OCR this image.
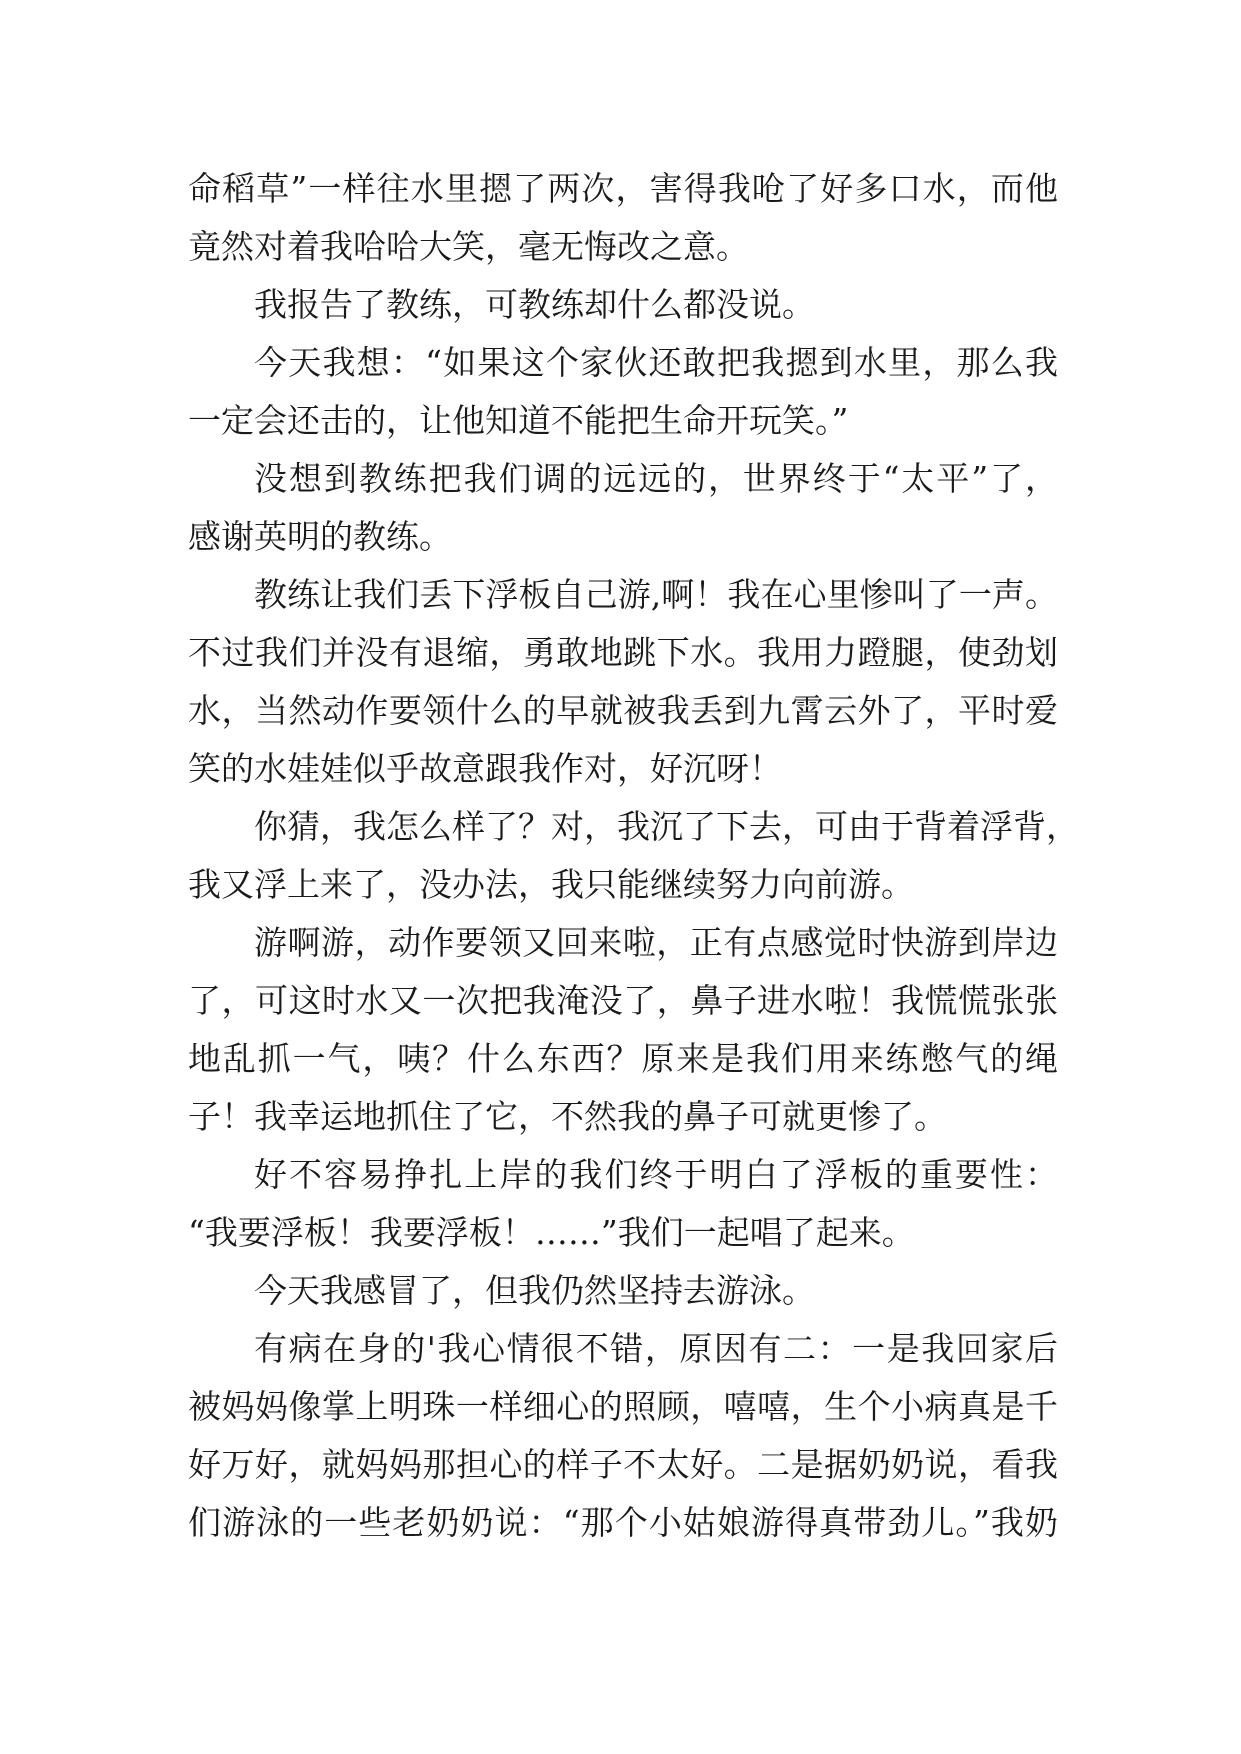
命稻草”一样往水里摁了两次，害得我呛了好多口水，而他
竟然对着我哈哈大笑，毫无悔改之意。
我报告了教练，可教练却什么都没说。
今天我想：“如果这个家伙还敢把我摁到水里，那么我
一定会还击的，让他知道不能把生命开玩笑。”
没想到教练把我们调的远远的，世界终于“太平”了，
感谢英明的教练。
教练让我们丢下浮板自己游,啊！我在心里惨叫了一声。
不过我们并没有退缩，勇敢地跳下水。我用力蹬腿，使劲划
水，当然动作要领什么的早就被我丢到九霄云外了，平时爱
笑的水娃娃似乎故意跟我作对，好沉呀！
你猜，我怎么样了？对，我沉了下去，可由于背着浮背，
我又浮上来了，没办法，我只能继续努力向前游。
游啊游，动作要领又回来啦，正有点感觉时快游到岸边
了，可这时水又一次把我淹没了，鼻子进水啦！我慌慌张张
地乱抓一气，咦？什么东西？原来是我们用来练憋气的绳
子！我幸运地抓住了它，不然我的鼻子可就更惨了。
好不容易挣扎上岸的我们终于明白了浮板的重要性：
“我要浮板！我要浮板！……”我们一起唱了起来。
今天我感冒了，但我仍然坚持去游泳。
有病在身的'我心情很不错，原因有二：一是我回家后
被妈妈像掌上明珠一样细心的照顾，嘻嘻，生个小病真是千
好万好，就妈妈那担心的样子不太好。二是据奶奶说，看我
们游泳的一些老奶奶说：“那个小姑娘游得真带劲儿。”我奶
